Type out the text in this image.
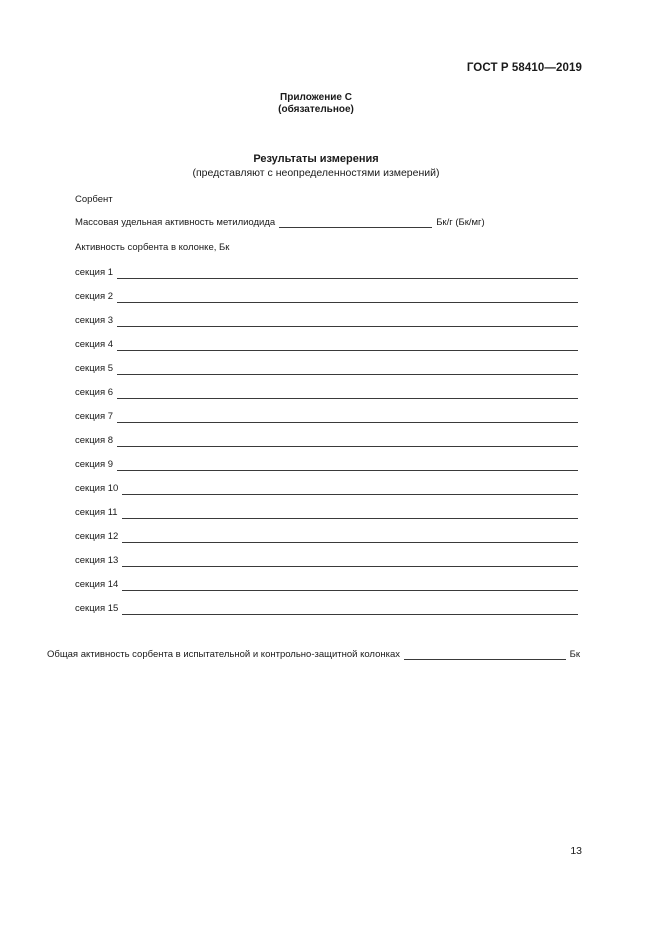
ГОСТ Р 58410—2019
Приложение С
(обязательное)
Результаты измерения
(представляют с неопределенностями измерений)
Сорбент
Массовая удельная активность метилиодида	Бк/г (Бк/мг)
Активность сорбента в колонке, Бк
секция 1
секция 2
секция 3
секция 4
секция 5
секция 6
секция 7
секция 8
секция 9
секция 10
секция 11
секция 12
секция 13
секция 14
секция 15
Общая активность сорбента в испытательной и контрольно-защитной колонках	Бк
13
